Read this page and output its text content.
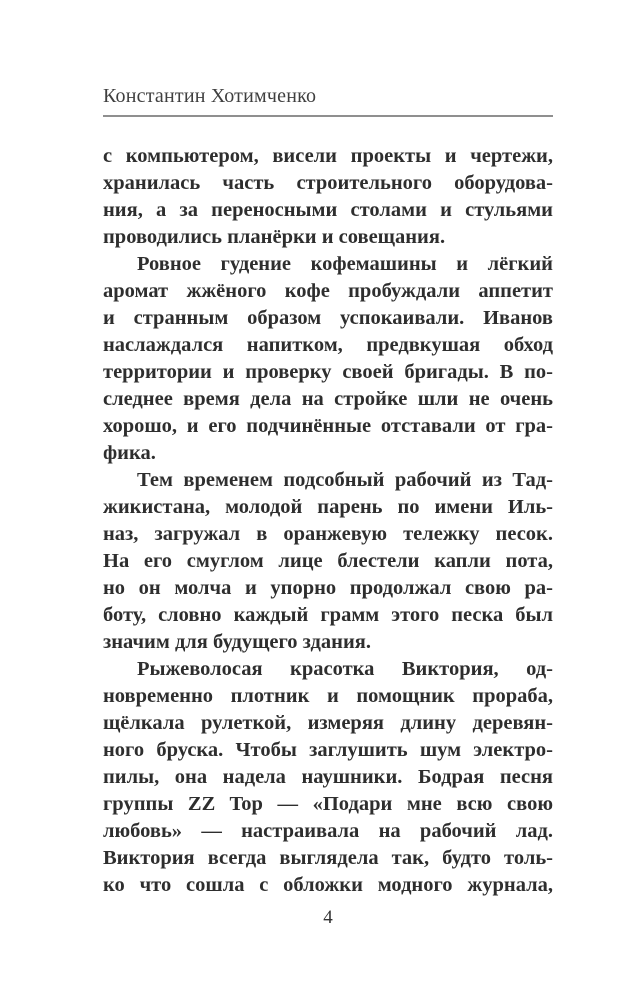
Константин Хотимченко
с компьютером, висели проекты и чертежи,
хранилась часть строительного оборудова-
ния, а за переносными столами и стульями
проводились планёрки и совещания.
Ровное гудение кофемашины и лёгкий
аромат жжёного кофе пробуждали аппетит
и странным образом успокаивали. Иванов
наслаждался напитком, предвкушая обход
территории и проверку своей бригады. В по-
следнее время дела на стройке шли не очень
хорошо, и его подчинённые отставали от гра-
фика.
Тем временем подсобный рабочий из Тад-
жикистана, молодой парень по имени Иль-
наз, загружал в оранжевую тележку песок.
На его смуглом лице блестели капли пота,
но он молча и упорно продолжал свою ра-
боту, словно каждый грамм этого песка был
значим для будущего здания.
Рыжеволосая красотка Виктория, од-
новременно плотник и помощник прораба,
щёлкала рулеткой, измеряя длину деревян-
ного бруска. Чтобы заглушить шум электро-
пилы, она надела наушники. Бодрая песня
группы ZZ Top — «Подари мне всю свою
любовь» — настраивала на рабочий лад.
Виктория всегда выглядела так, будто толь-
ко что сошла с обложки модного журнала,
4
